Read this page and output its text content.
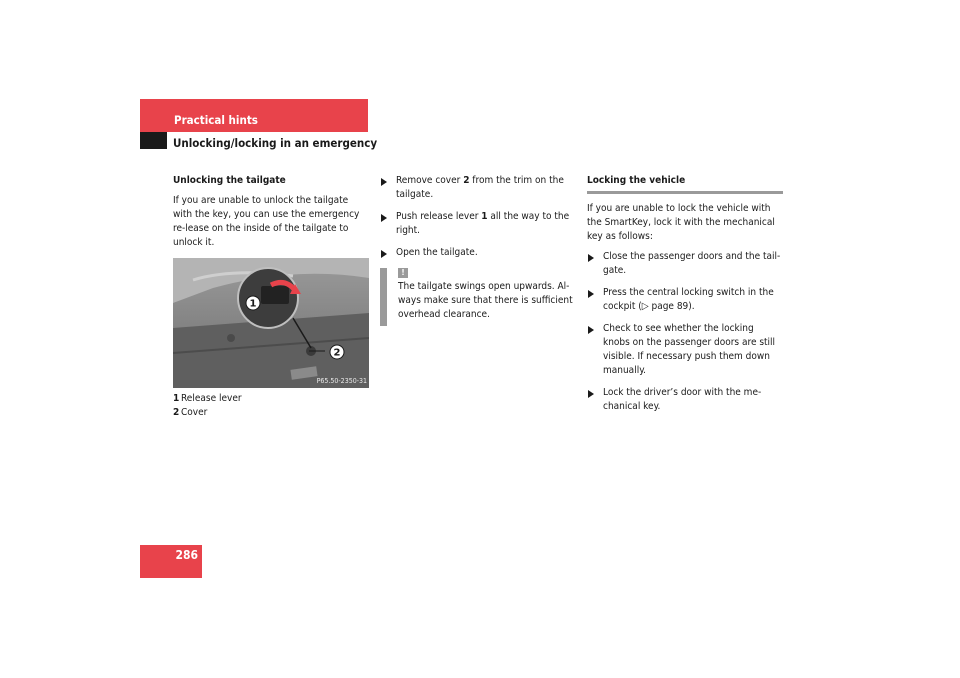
Practical hints
Unlocking/locking in an emergency

Unlocking the tailgate

If you are unable to unlock the tailgate with the key, you can use the emergency re-lease on the inside of the tailgate to unlock it.

1
2
P65.50-2350-31
1 Release lever
2 Cover
Remove cover 2 from the trim on the tailgate.
Push release lever 1 all the way to the right.
Open the tailgate.
!
The tailgate swings open upwards. Al-ways make sure that there is sufficient overhead clearance.
Locking the vehicle

If you are unable to lock the vehicle with the SmartKey, lock it with the mechanical key as follows:

Close the passenger doors and the tail-gate.
Press the central locking switch in the cockpit (▷ page 89).
Check to see whether the locking knobs on the passenger doors are still visible. If necessary push them down manually.
Lock the driver’s door with the me-chanical key.
286
